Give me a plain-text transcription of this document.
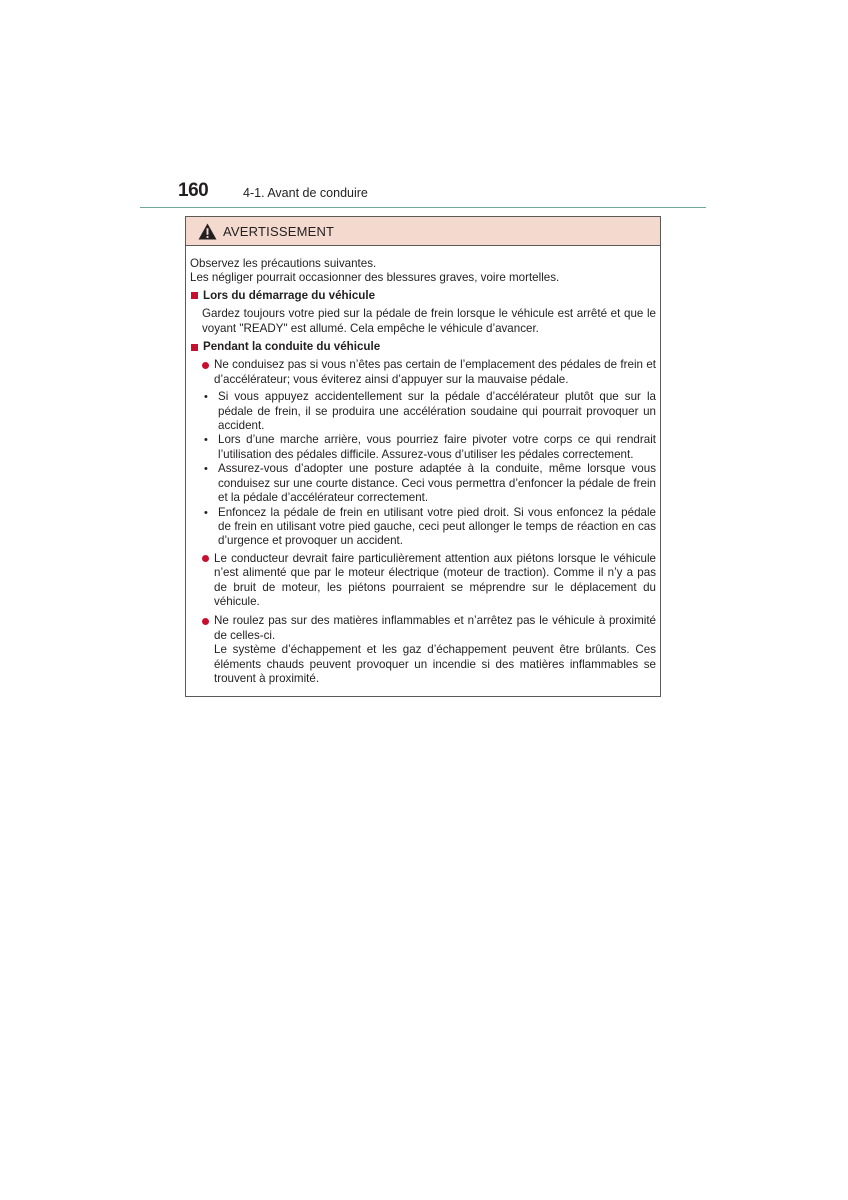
160	4-1. Avant de conduire
AVERTISSEMENT

Observez les précautions suivantes.

Les négliger pourrait occasionner des blessures graves, voire mortelles.

Lors du démarrage du véhicule

Gardez toujours votre pied sur la pédale de frein lorsque le véhicule est arrêté et que le voyant "READY" est allumé. Cela empêche le véhicule d’avancer.

Pendant la conduite du véhicule
Ne conduisez pas si vous n’êtes pas certain de l’emplacement des pédales de frein et d’accélérateur; vous éviterez ainsi d’appuyer sur la mauvaise pédale.
• Si vous appuyez accidentellement sur la pédale d’accélérateur plutôt que sur la pédale de frein, il se produira une accélération soudaine qui pourrait provoquer un accident.
• Lors d’une marche arrière, vous pourriez faire pivoter votre corps ce qui rendrait l’utilisation des pédales difficile. Assurez-vous d’utiliser les pédales correctement.
• Assurez-vous d’adopter une posture adaptée à la conduite, même lorsque vous conduisez sur une courte distance. Ceci vous permettra d’enfoncer la pédale de frein et la pédale d’accélérateur correctement.
• Enfoncez la pédale de frein en utilisant votre pied droit. Si vous enfoncez la pédale de frein en utilisant votre pied gauche, ceci peut allonger le temps de réaction en cas d’urgence et provoquer un accident.
Le conducteur devrait faire particulièrement attention aux piétons lorsque le véhicule n’est alimenté que par le moteur électrique (moteur de traction). Comme il n’y a pas de bruit de moteur, les piétons pourraient se méprendre sur le déplacement du véhicule.
Ne roulez pas sur des matières inflammables et n’arrêtez pas le véhicule à proximité de celles-ci.
Le système d’échappement et les gaz d’échappement peuvent être brûlants. Ces éléments chauds peuvent provoquer un incendie si des matières inflammables se trouvent à proximité.
